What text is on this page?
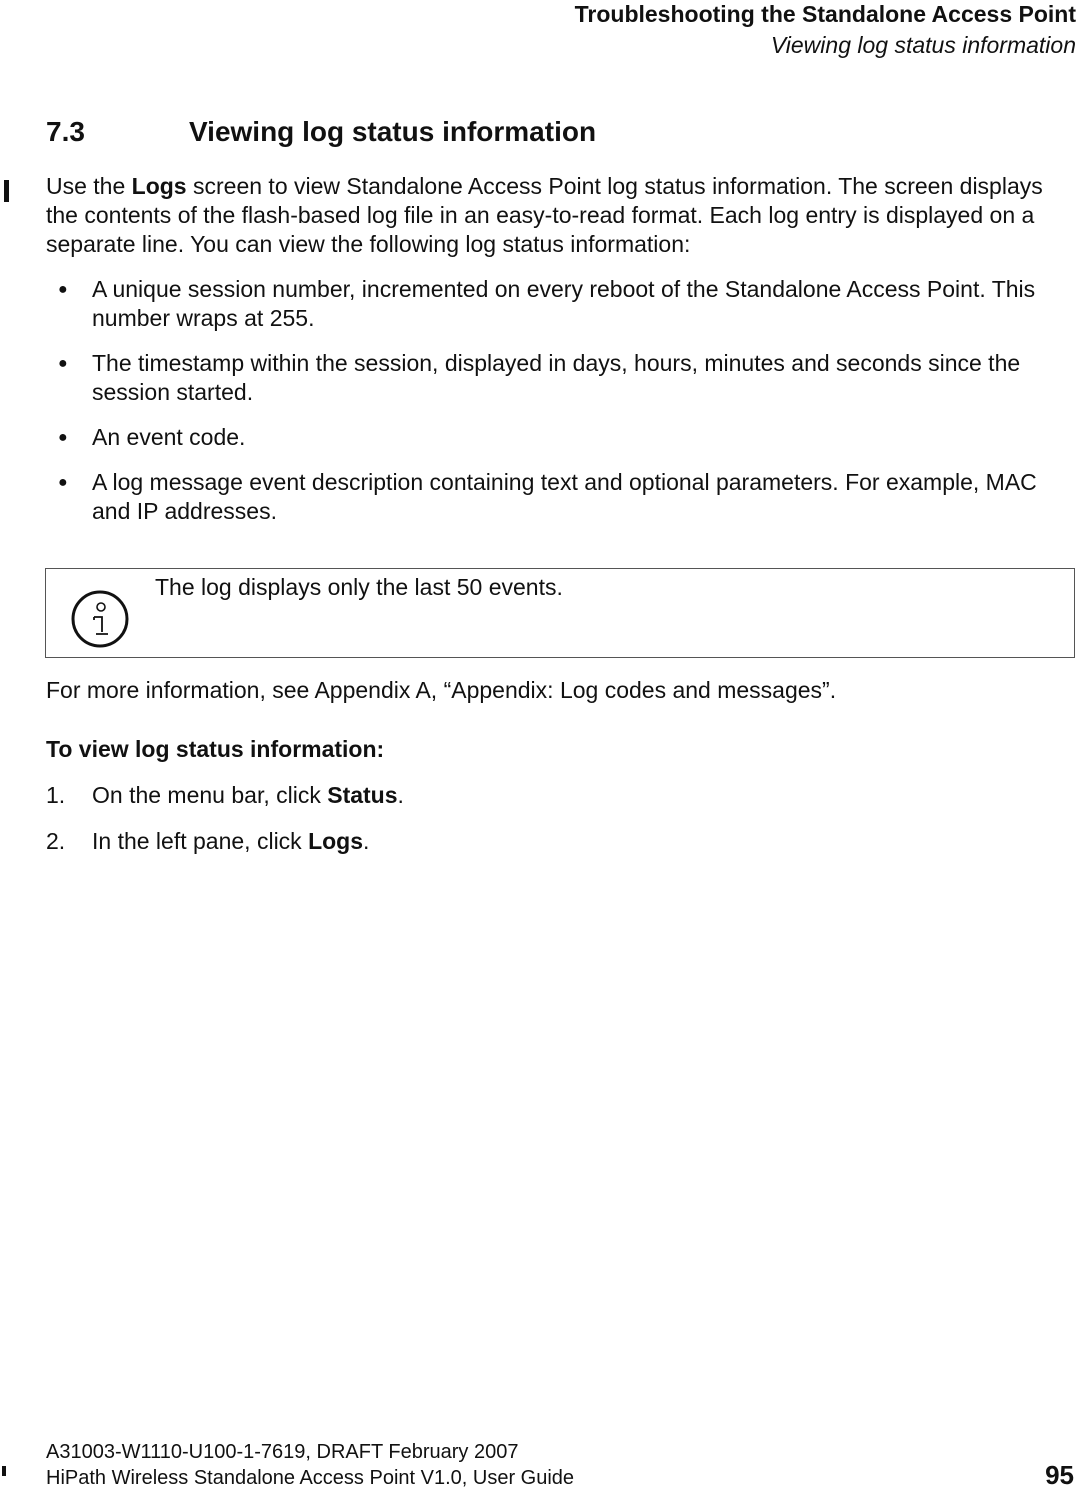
Troubleshooting the Standalone Access Point
Viewing log status information
7.3	Viewing log status information
Use the Logs screen to view Standalone Access Point log status information. The screen displays the contents of the flash-based log file in an easy-to-read format. Each log entry is displayed on a separate line. You can view the following log status information:
● A unique session number, incremented on every reboot of the Standalone Access Point. This number wraps at 255.
● The timestamp within the session, displayed in days, hours, minutes and seconds since the session started.
● An event code.
● A log message event description containing text and optional parameters. For example, MAC and IP addresses.
The log displays only the last 50 events.
For more information, see Appendix A, “Appendix: Log codes and messages”.
To view log status information:
1. On the menu bar, click Status.
2. In the left pane, click Logs.
A31003-W1110-U100-1-7619, DRAFT February 2007
HiPath Wireless Standalone Access Point V1.0, User Guide	95
